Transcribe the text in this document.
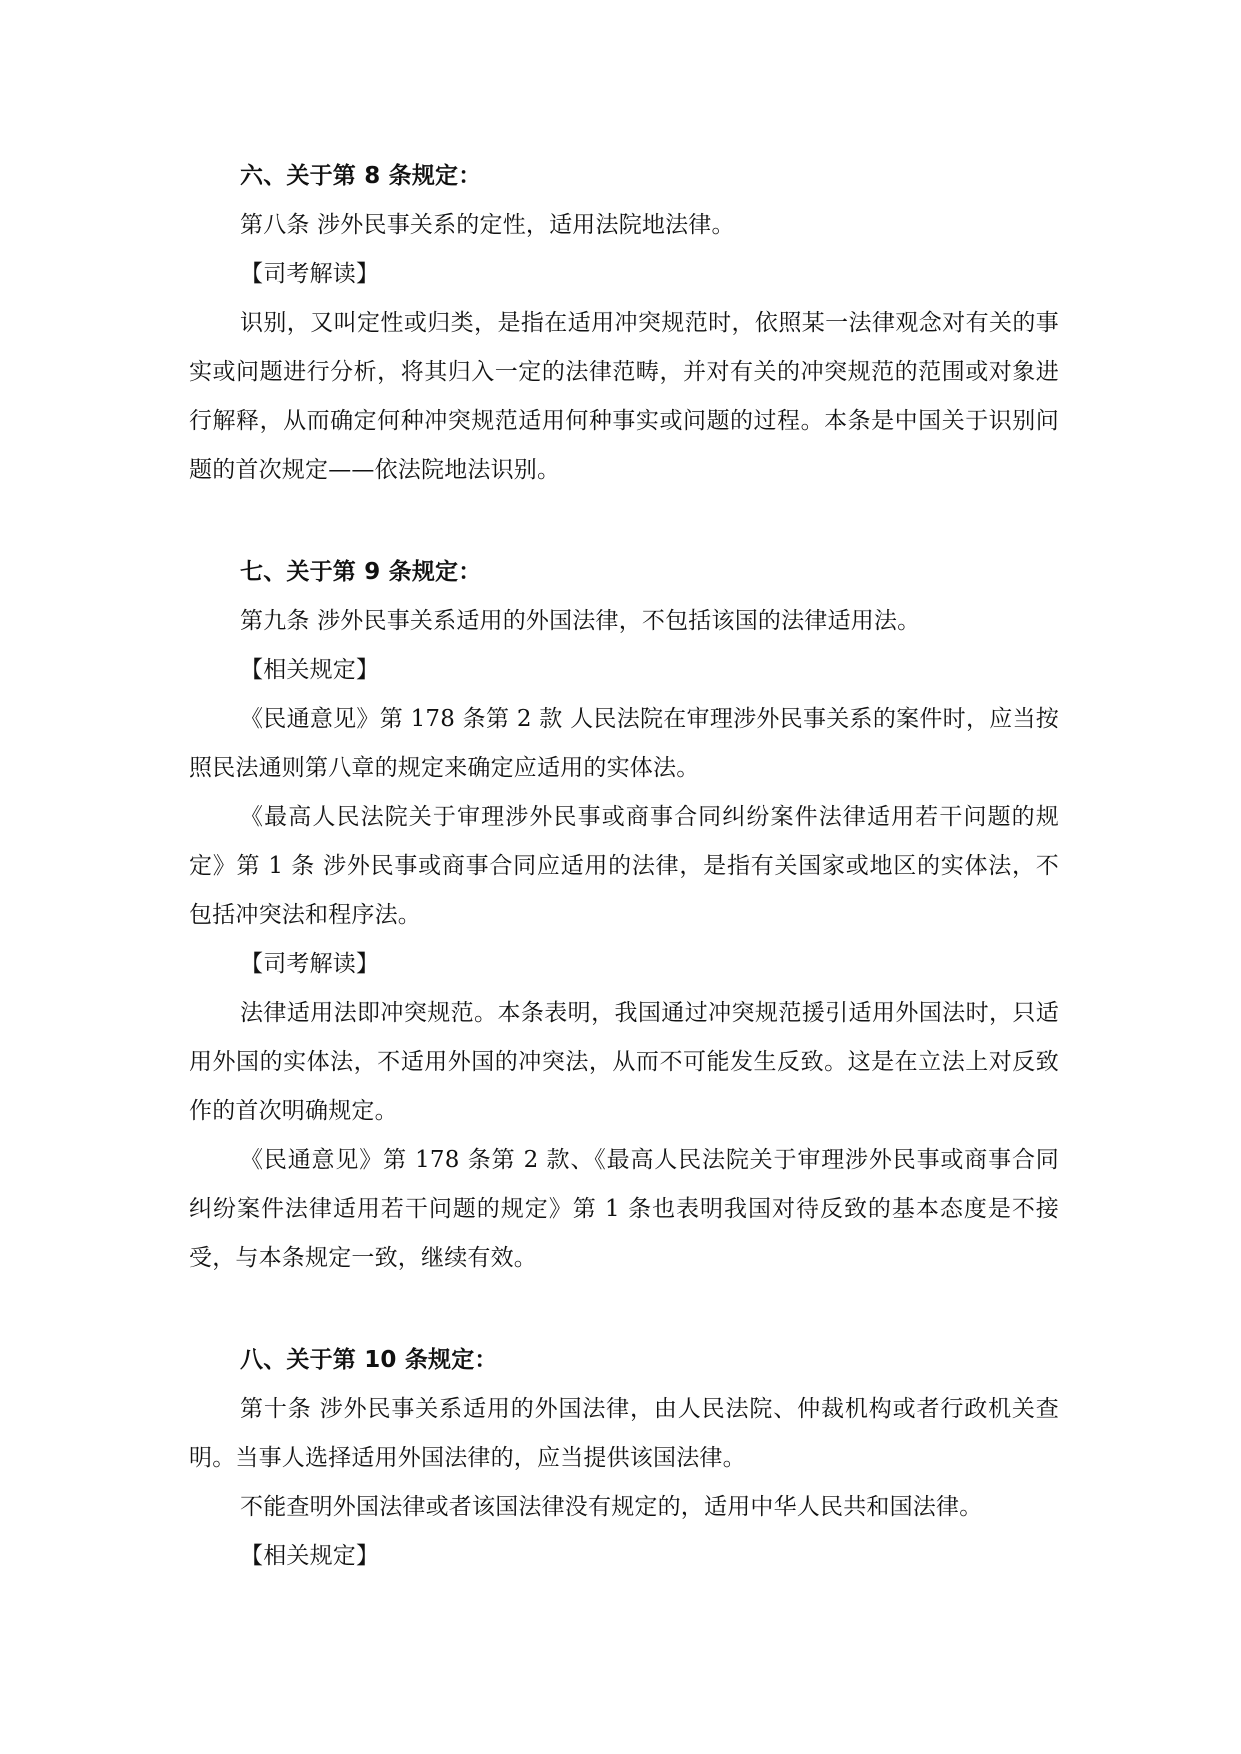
六、关于第 8 条规定：

第八条 涉外民事关系的定性，适用法院地法律。

【司考解读】

识别，又叫定性或归类，是指在适用冲突规范时，依照某一法律观念对有关的事实或问题进行分析，将其归入一定的法律范畴，并对有关的冲突规范的范围或对象进行解释，从而确定何种冲突规范适用何种事实或问题的过程。本条是中国关于识别问题的首次规定——依法院地法识别。

七、关于第 9 条规定：

第九条 涉外民事关系适用的外国法律，不包括该国的法律适用法。

【相关规定】

《民通意见》第 178 条第 2 款 人民法院在审理涉外民事关系的案件时，应当按照民法通则第八章的规定来确定应适用的实体法。

《最高人民法院关于审理涉外民事或商事合同纠纷案件法律适用若干问题的规定》第 1 条 涉外民事或商事合同应适用的法律，是指有关国家或地区的实体法，不包括冲突法和程序法。

【司考解读】

法律适用法即冲突规范。本条表明，我国通过冲突规范援引适用外国法时，只适用外国的实体法，不适用外国的冲突法，从而不可能发生反致。这是在立法上对反致作的首次明确规定。

《民通意见》第 178 条第 2 款、《最高人民法院关于审理涉外民事或商事合同纠纷案件法律适用若干问题的规定》第 1 条也表明我国对待反致的基本态度是不接受，与本条规定一致，继续有效。

八、关于第 10 条规定：

第十条 涉外民事关系适用的外国法律，由人民法院、仲裁机构或者行政机关查明。当事人选择适用外国法律的，应当提供该国法律。

不能查明外国法律或者该国法律没有规定的，适用中华人民共和国法律。

【相关规定】
